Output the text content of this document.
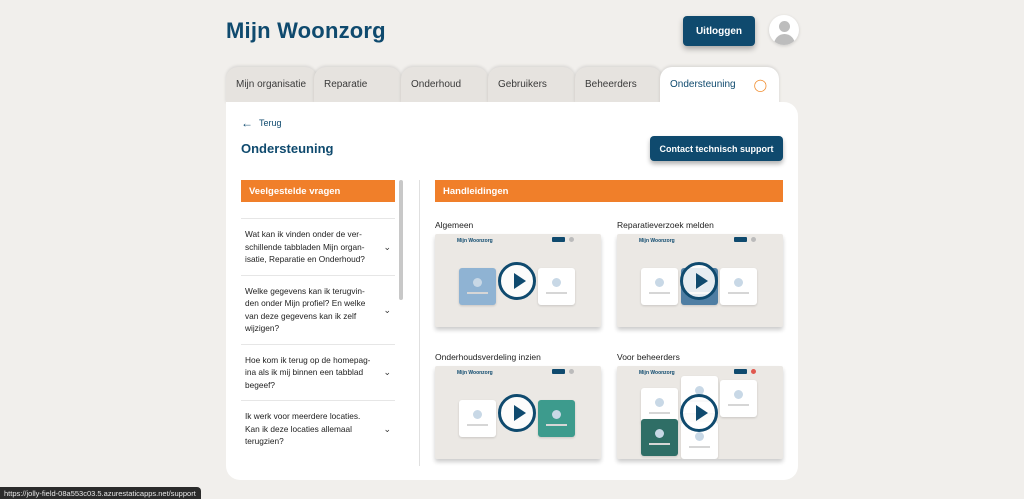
Mijn Woonzorg	Uitloggen
Mijn organisatie	Reparatie	Onderhoud	Gebruikers	Beheerders	Ondersteuning ◯
← Terug
Ondersteuning	Contact technisch support
Veelgestelde vragen
Wat kan ik vinden onder de ver- schillende tabbladen Mijn organ- isatie, Reparatie en Onderhoud?
⌄
Welke gegevens kan ik terugvin- den onder Mijn profiel? En welke van deze gegevens kan ik zelf wijzigen?
⌄
Hoe kom ik terug op de homepag- ina als ik mij binnen een tabblad begeef?
⌄
Ik werk voor meerdere locaties. Kan ik deze locaties allemaal terugzien?
⌄
Handleidingen
Algemeen
Mijn Woonzorg
Reparatieverzoek melden
Mijn Woonzorg
Onderhoudsverdeling inzien
Mijn Woonzorg
Voor beheerders
Mijn Woonzorg
https://jolly-field-08a553c03.5.azurestaticapps.net/support
